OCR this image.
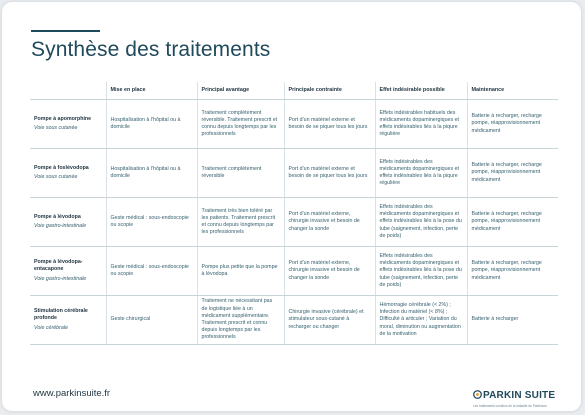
Synthèse des traitements
	Mise en place	Principal avantage	Principale contrainte	Effet indésirable possible	Maintenance

Pompe à apomorphine
Voie sous cutanée	Hospitalisation à l'hôpital ou à domicile	Traitement complètement réversible. Traitement prescrit et connu depuis longtemps par les professionnels	Port d'un matériel externe et besoin de se piquer tous les jours	Effets indésirables habituels des médicaments dopaminergiques et effets indésirables liés à la piqure régulière	Batterie à recharger, recharge pompe, réapprovisionnement médicament

Pompe à foslévodopa
Voie sous cutanée	Hospitalisation à l'hôpital ou à domicile	Traitement complètement réversible	Port d'un matériel externe et besoin de se piquer tous les jours	Effets indésirables des médicaments dopaminergiques et effets indésirables liés à la piqure régulière	Batterie à recharger, recharge pompe, réapprovisionnement médicament

Pompe à lévodopa
Voie gastro-intestinale	Geste médical : sous-endoscopie ou scopie	Traitement très bien toléré par les patients. Traitement prescrit et connu depuis longtemps par les professionnels	Port d'un matériel externe, chirurgie invasive et besoin de changer la sonde	Effets indésirables des médicaments dopaminergiques et effets indésirables liés à la pose du tube (saignement, infection, perte de poids)	Batterie à recharger, recharge pompe, réapprovisionnement médicament

Pompe à lévodopa-entacapone
Voie gastro-intestinale	Geste médical : sous-endoscopie ou scopie	Pompe plus petite que la pompe à lévodopa	Port d'un matériel externe, chirurgie invasive et besoin de changer la sonde	Effets indésirables des médicaments dopaminergiques et effets indésirables liés à la pose du tube (saignement, infection, perte de poids)	Batterie à recharger, recharge pompe, réapprovisionnement médicament

Stimulation cérébrale profonde
Voie cérébrale	Geste chirurgical	Traitement ne nécessitant pas de logistique liée à un médicament supplémentaire. Traitement prescrit et connu depuis longtemps par les professionnels	Chirurgie invasive (cérébrale) et stimulateur sous-cutané à recharger ou changer	Hémorragie cérébrale (< 2%) ; Infection du matériel (< 8%) ; Difficulté à articuler ; Variation du moral, diminution ou augmentation de la motivation	Batterie à recharger
www.parkinsuite.fr	PARKIN SUITE
Les traitements continus de la maladie de Parkinson
